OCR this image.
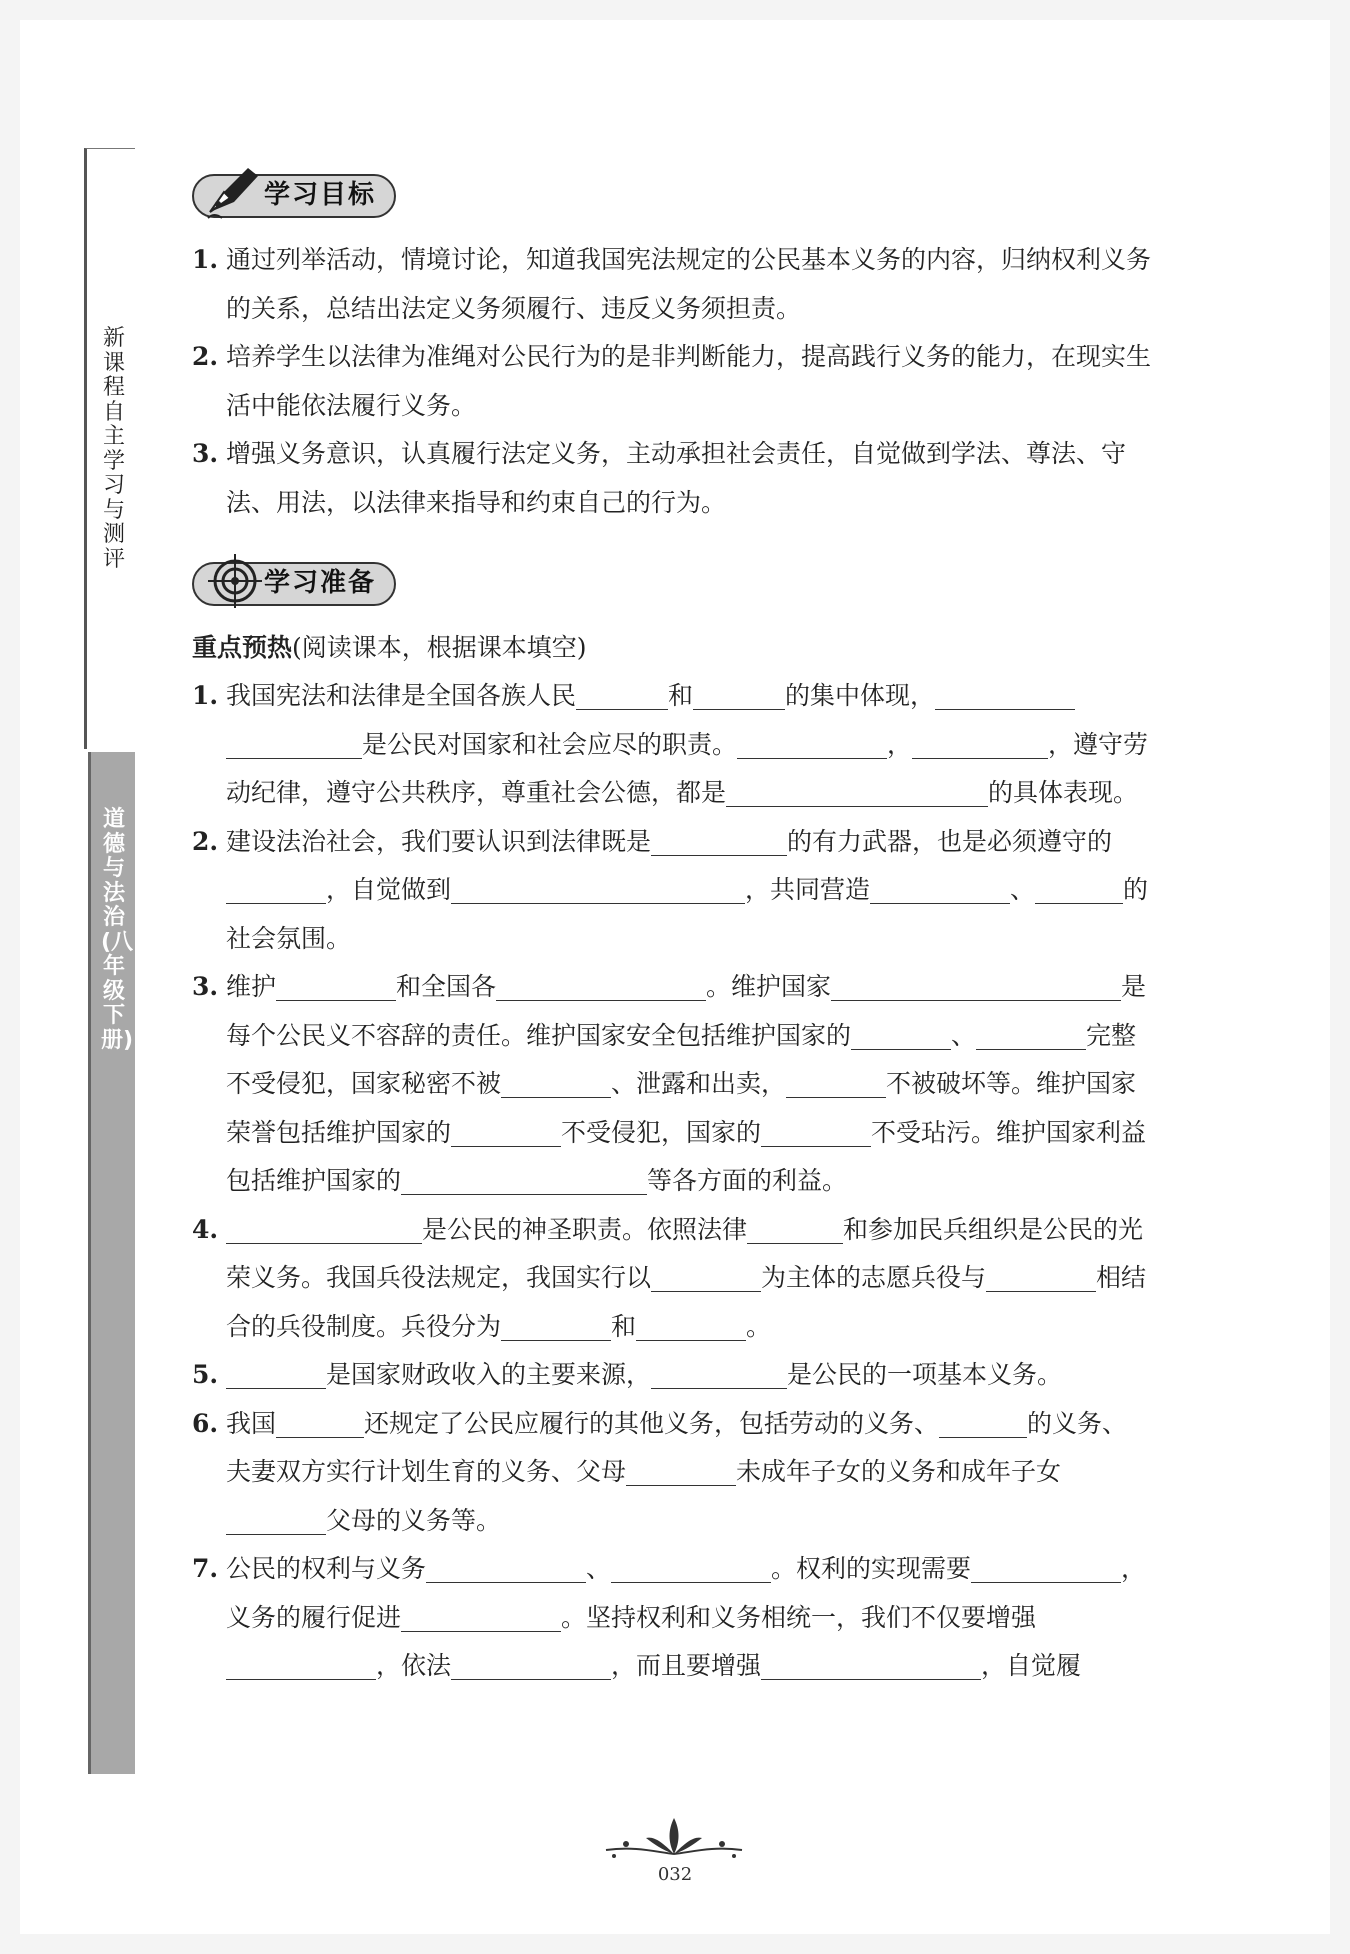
新课程自主学习与测评
道德与法治(八年级下册)
学习目标
1. 通过列举活动，情境讨论，知道我国宪法规定的公民基本义务的内容，归纳权利义务的关系，总结出法定义务须履行、违反义务须担责。
2. 培养学生以法律为准绳对公民行为的是非判断能力，提高践行义务的能力，在现实生活中能依法履行义务。
3. 增强义务意识，认真履行法定义务，主动承担社会责任，自觉做到学法、尊法、守法、用法，以法律来指导和约束自己的行为。
学习准备
重点预热(阅读课本，根据课本填空)
1. 我国宪法和法律是全国各族人民	和	的集中体现，是公民对国家和社会应尽的职责。	，	，遵守劳动纪律，遵守公共秩序，尊重社会公德，都是	的具体表现。
2. 建设法治社会，我们要认识到法律既是	的有力武器，也是必须遵守的，自觉做到	，共同营造	、	的社会氛围。
3. 维护	和全国各	。维护国家	是每个公民义不容辞的责任。维护国家安全包括维护国家的	、	完整不受侵犯，国家秘密不被	、泄露和出卖，	不被破坏等。维护国家荣誉包括维护国家的	不受侵犯，国家的	不受玷污。维护国家利益包括维护国家的	等各方面的利益。
4.	是公民的神圣职责。依照法律	和参加民兵组织是公民的光荣义务。我国兵役法规定，我国实行以	为主体的志愿兵役与	相结合的兵役制度。兵役分为	和	。
5.	是国家财政收入的主要来源，	是公民的一项基本义务。
6. 我国	还规定了公民应履行的其他义务，包括劳动的义务、	的义务、夫妻双方实行计划生育的义务、父母	未成年子女的义务和成年子女父母的义务等。
7. 公民的权利与义务	、	。权利的实现需要	，义务的履行促进	。坚持权利和义务相统一，我们不仅要增强，依法	，而且要增强	，自觉履
032
